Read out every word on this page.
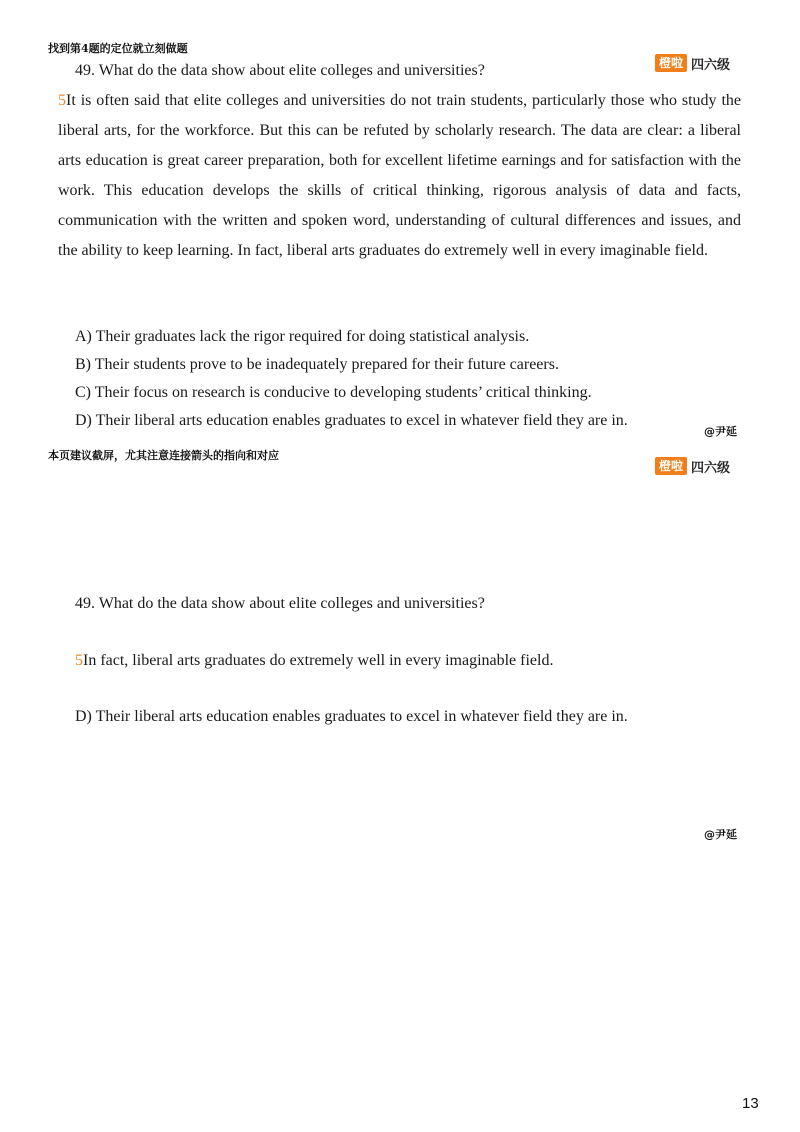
找到第4题的定位就立刻做题
橙啦 四六级
49. What do the data show about elite colleges and universities?
5It is often said that elite colleges and universities do not train students, particularly those who study the liberal arts, for the workforce. But this can be refuted by scholarly research. The data are clear: a liberal arts education is great career preparation, both for excellent lifetime earnings and for satisfaction with the work. This education develops the skills of critical thinking, rigorous analysis of data and facts, communication with the written and spoken word, understanding of cultural differences and issues, and the ability to keep learning. In fact, liberal arts graduates do extremely well in every imaginable field.
A) Their graduates lack the rigor required for doing statistical analysis.
B) Their students prove to be inadequately prepared for their future careers.
C) Their focus on research is conducive to developing students’ critical thinking.
D) Their liberal arts education enables graduates to excel in whatever field they are in.
@尹延
本页建议截屏，尤其注意连接箭头的指向和对应
橙啦 四六级
49. What do the data show about elite colleges and universities?
5In fact, liberal arts graduates do extremely well in every imaginable field.
D) Their liberal arts education enables graduates to excel in whatever field they are in.
@尹延
13
